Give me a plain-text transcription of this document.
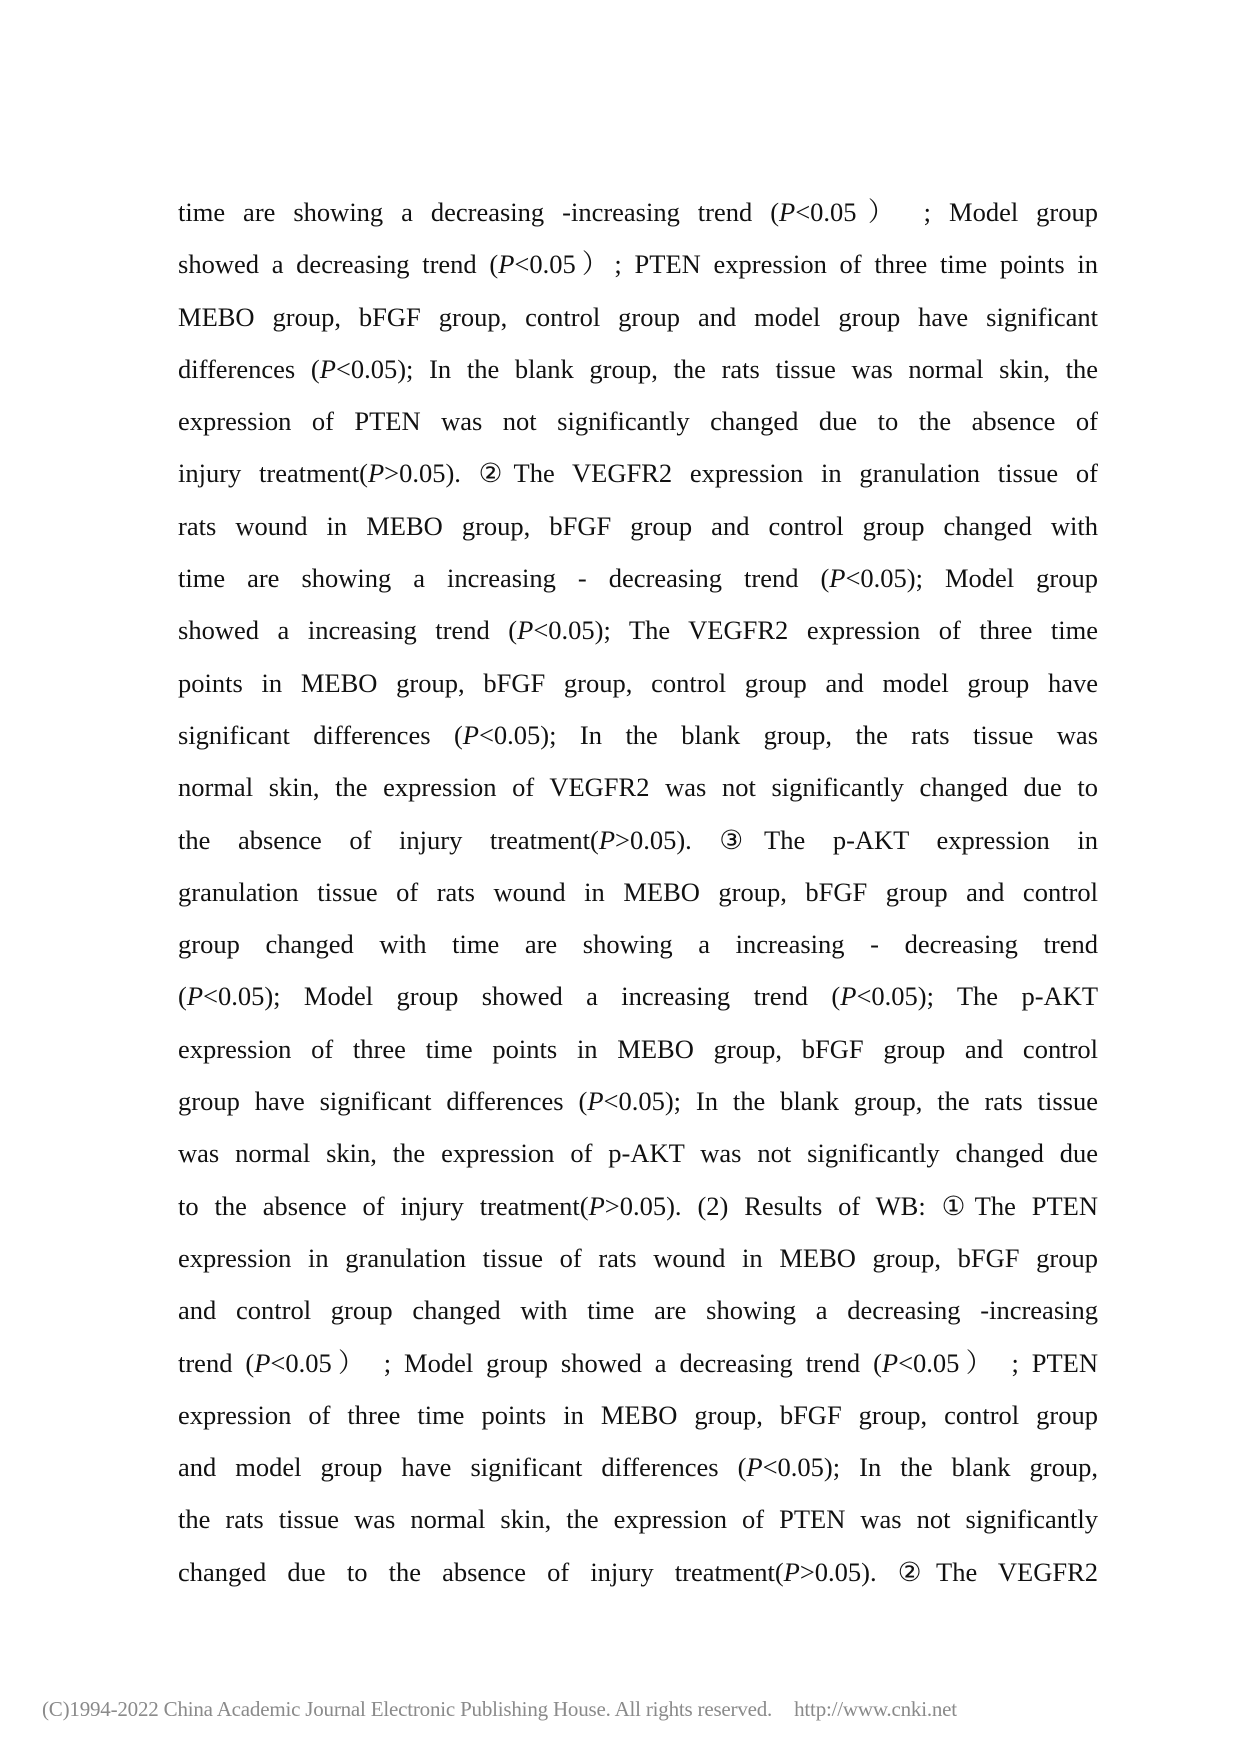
time are showing a decreasing -increasing trend (P<0.05） ; Model group
showed a decreasing trend (P<0.05）; PTEN expression of three time points in
MEBO group, bFGF group, control group and model group have significant
differences (P<0.05); In the blank group, the rats tissue was normal skin, the
expression of PTEN was not significantly changed due to the absence of
injury treatment(P>0.05). ②The VEGFR2 expression in granulation tissue of
rats wound in MEBO group, bFGF group and control group changed with
time are showing a increasing - decreasing trend (P<0.05); Model group
showed a increasing trend (P<0.05); The VEGFR2 expression of three time
points in MEBO group, bFGF group, control group and model group have
significant differences (P<0.05); In the blank group, the rats tissue was
normal skin, the expression of VEGFR2 was not significantly changed due to
the absence of injury treatment(P>0.05). ③The p-AKT expression in
granulation tissue of rats wound in MEBO group, bFGF group and control
group changed with time are showing a increasing - decreasing trend
(P<0.05); Model group showed a increasing trend (P<0.05); The p-AKT
expression of three time points in MEBO group, bFGF group and control
group have significant differences (P<0.05); In the blank group, the rats tissue
was normal skin, the expression of p-AKT was not significantly changed due
to the absence of injury treatment(P>0.05). (2) Results of WB: ①The PTEN
expression in granulation tissue of rats wound in MEBO group, bFGF group
and control group changed with time are showing a decreasing -increasing
trend (P<0.05） ; Model group showed a decreasing trend (P<0.05） ; PTEN
expression of three time points in MEBO group, bFGF group, control group
and model group have significant differences (P<0.05); In the blank group,
the rats tissue was normal skin, the expression of PTEN was not significantly
changed due to the absence of injury treatment(P>0.05). ②The VEGFR2
(C)1994-2022 China Academic Journal Electronic Publishing House. All rights reserved. http://www.cnki.net
